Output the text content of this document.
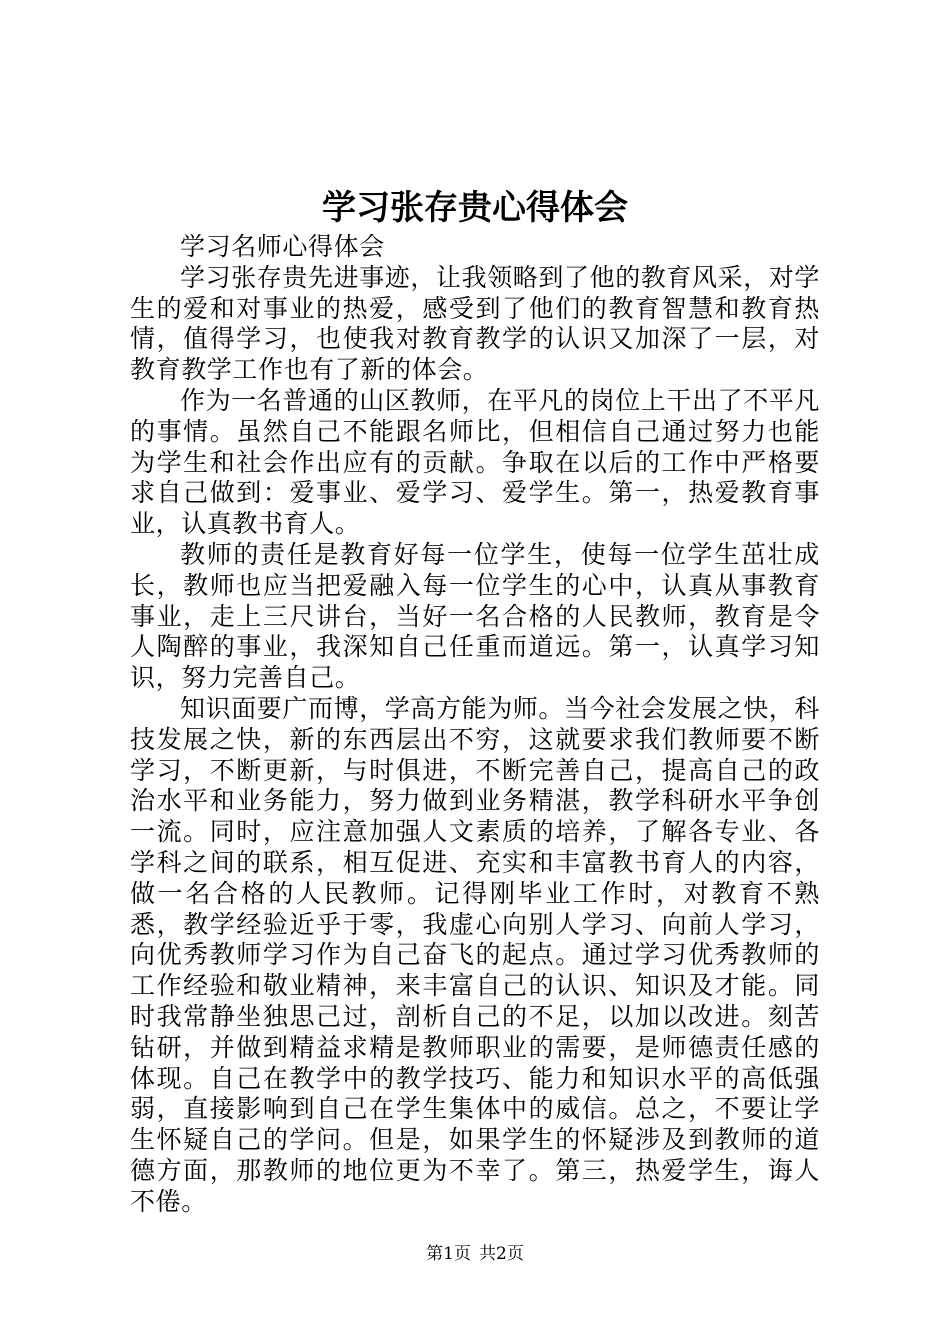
学习张存贵心得体会

学习名师心得体会

学习张存贵先进事迹，让我领略到了他的教育风采，对学生的爱和对事业的热爱，感受到了他们的教育智慧和教育热情，值得学习，也使我对教育教学的认识又加深了一层，对教育教学工作也有了新的体会。

作为一名普通的山区教师，在平凡的岗位上干出了不平凡的事情。虽然自己不能跟名师比，但相信自己通过努力也能为学生和社会作出应有的贡献。争取在以后的工作中严格要求自己做到：爱事业、爱学习、爱学生。第一，热爱教育事业，认真教书育人。

教师的责任是教育好每一位学生，使每一位学生茁壮成长，教师也应当把爱融入每一位学生的心中，认真从事教育事业，走上三尺讲台，当好一名合格的人民教师，教育是令人陶醉的事业，我深知自己任重而道远。第一，认真学习知识，努力完善自己。

知识面要广而博，学高方能为师。当今社会发展之快，科技发展之快，新的东西层出不穷，这就要求我们教师要不断学习，不断更新，与时俱进，不断完善自己，提高自己的政治水平和业务能力，努力做到业务精湛，教学科研水平争创一流。同时，应注意加强人文素质的培养，了解各专业、各学科之间的联系，相互促进、充实和丰富教书育人的内容，做一名合格的人民教师。记得刚毕业工作时，对教育不熟悉，教学经验近乎于零，我虚心向别人学习、向前人学习，向优秀教师学习作为自己奋飞的起点。通过学习优秀教师的工作经验和敬业精神，来丰富自己的认识、知识及才能。同时我常静坐独思己过，剖析自己的不足，以加以改进。刻苦钻研，并做到精益求精是教师职业的需要，是师德责任感的体现。自己在教学中的教学技巧、能力和知识水平的高低强弱，直接影响到自己在学生集体中的威信。总之，不要让学生怀疑自己的学问。但是，如果学生的怀疑涉及到教师的道德方面，那教师的地位更为不幸了。第三，热爱学生，诲人不倦。

第1页 共2页
